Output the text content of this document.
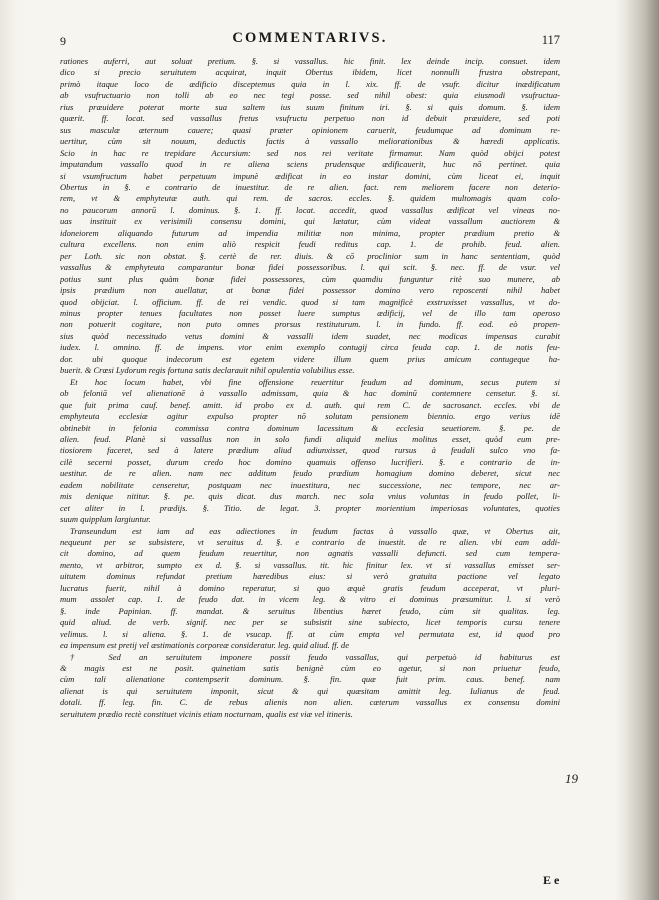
9	COMMENTARIVS.	117
rationes auferri, aut soluat pretium. §. si vassallus. hic finit. lex deinde incip. consuet. idem
dico si precio seruitutem acquirat, inquit Obertus ibidem, licet nonnulli frustra obstrepant,
primò itaque loco de ædificio disceptemus quia in l. xix. ff. de vsufr. dicitur inædificatum
ab vsufructuario non tolli ab eo nec tegi posse. sed nihil obest: quia eiusmodi vsufructua-
rius præuidere poterat morte sua saltem ius suum finitum iri. §. si quis domum. §. idem
quærit. ff. locat. sed vassallus fretus vsufructu perpetuo non id debuit præuidere, sed poti
sus masculæ æternum cauere; quasi præter opinionem caruerit, feudumque ad dominum re-
uertitur, cùm sit nouum, deductis factis à vassallo meliorationibus & hæredi applicatis.
Scio in hac re trepidare Accursium: sed nos rei veritate firmamur. Nam quòd obijci potest
imputandum vassallo quod in re aliena sciens prudensque ædificauerit, huc nō pertinet. quia
si vsumfructum habet perpetuum impunè ædificat in eo instar domini, cùm liceat ei, inquit
Obertus in §. e contrario de inuestitur. de re alien. fact. rem meliorem facere non deterio-
rem, vt & emphyteutæ auth. qui rem. de sacros. eccles. §. quidem multomagis quam colo-
no paucorum annorū l. dominus. §. 1. ff. locat. accedit, quod vassallus ædificat vel vineas no-
uas instituit ex verisimili consensu domini, qui lætatur, cùm videat vassallum auctiorem &
idoneiorem aliquando futurum ad impendia militiæ non minima, propter prædium pretio &
cultura excellens. non enim aliò respicit feudi reditus cap. 1. de prohib. feud. alien.
per Loth. sic non obstat. §. certè de rer. diuis. & cō proclinior sum in hanc sententiam, quòd
vassallus & emphyteuta comparantur bonæ fidei possessoribus. l. qui scit. §. nec. ff. de vsur. vel
potius sunt plus quàm bonæ fidei possessores, cùm quamdiu funguntur ritè suo munere, ab
ipsis prædium non auellatur, at bonæ fidei possessor domino vero reposcenti nihil habet
quod obijciat. l. officium. ff. de rei vendic. quod si tam magnificè exstruxisset vassallus, vt do-
minus propter tenues facultates non posset luere sumptus ædificij, vel de illo tam operoso
non potuerit cogitare, non puto omnes prorsus restituturum. l. in fundo. ff. eod. eò propen-
sius quòd necessitudo vetus domini & vassalli idem suadet, nec modicas impensas curabit
iudex. l. omnino. ff. de impens. vtor enim exemplo contugij circa feuda cap. 1. de notis feu-
dor. ubi quoque indecorum est egetem videre illum quem prius amicum contugeque ha-
buerit. & Crœsi Lydorum regis fortuna satis declarauit nihil opulentia volubilius esse.
Et hoc locum habet, vbi fine offensione reuertitur feudum ad dominum, secus putem si
ob feloniā vel alienationē à vassallo admissam, quia & hac dominū contemnere censetur. §. si.
que fuit prima cauf. benef. amitt. id probo ex d. auth. qui rem C. de sacrosanct. eccles. vbi de
emphyteuta ecclesiæ agitur expulso propter nō solutam pensionem biennio. ergo verius idē
obtinebit in felonia commissa contra dominum lacessitum & ecclesia seuetiorem. §. pe. de
alien. feud. Planè si vassallus non in solo fundi aliquid melius molitus esset, quòd eum pre-
tiosiorem faceret, sed à latere prædium aliud adiunxisset, quod rursus à feudali sulco vno fa-
cilè secerni posset, durum credo hoc domino quamuis offenso lucrifieri. §. e contrario de in-
uestitur. de re alien. nam nec additum feudo prædium homagium domino deberet, sicut nec
eadem nobilitate censeretur, postquam nec inuestitura, nec successione, nec tempore, nec ar-
mis denique nititur. §. pe. quis dicat. dus march. nec sola vnius voluntas in feudo pollet, li-
cet aliter in l. prædijs. §. Titio. de legat. 3. propter morientium imperiosas voluntates, quoties
suum quipplum largiuntur.
Transeundum est iam ad eas adiectiones in feudum factas à vassallo quæ, vt Obertus ait,
nequeunt per se subsistere, vt seruitus d. §. e contrario de inuestit. de re alien. vbi eam addi-
cit domino, ad quem feudum reuertitur, non agnatis vassalli defuncti. sed cum tempera-
mento, vt arbitror, sumpto ex d. §. si vassallus. tit. hic finitur lex. vt si vassallus emisset ser-
uitutem dominus refundat pretium hæredibus eius: si verò gratuita pactione vel legato
lucratus fuerit, nihil à domino reperatur, si quo æquè gratis feudum acceperat, vt pluri-
mum assolet cap. 1. de feudo dat. in vicem leg. & vitro ei dominus præsumitur. l. si verò
§. inde Papinian. ff. mandat. & seruitus libentius hæret feudo, cùm sit qualitas. leg.
quid aliud. de verb. signif. nec per se subsistit sine subiecto, licet temporis cursu tenere
velimus. l. si aliena. §. 1. de vsucap. ff. at cùm empta vel permutata est, id quod pro
ea impensum est pretij vel æstimationis corporeæ consideratur. leg. quid aliud. ff. de
† Sed an seruitutem imponere possit feudo vassallus, qui perpetuò id habiturus est
& magis est ne posit. quinetiam satis benignè cùm eo agetur, si non priuetur feudo,
cùm tali alienatione contempserit dominum. §. fin. quæ fuit prim. caus. benef. nam
alienat is qui seruitutem imponit, sicut & qui quæsitam amittit leg. Iulianus de feud.
dotali. ff. leg. fin. C. de rebus alienis non alien. cæterum vassallus ex consensu domini
seruitutem prædio rectè constituet vicinis etiam nocturnam, qualis est viæ vel itineris.
19
E e
